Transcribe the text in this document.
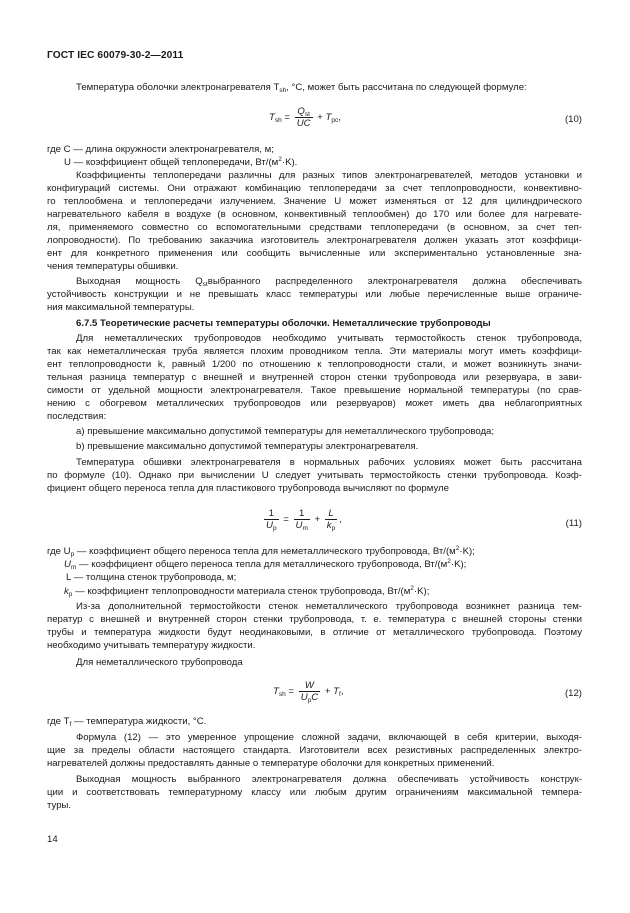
ГОСТ IEC 60079-30-2—2011
Температура оболочки электронагревателя $T_{sh}$, °C, может быть рассчитана по следующей формуле:
$T_{sh} = \frac{Q_{st}}{UC} + T_{pc}$,	(10)
где C — длина окружности электронагревателя, м;
U — коэффициент общей теплопередачи, $Вт/(м^2\cdot K)$.
Коэффициенты теплопередачи различны для разных типов электронагревателей, методов установки и
конфигураций системы. Они отражают комбинацию теплопередачи за счет теплопроводности, конвективно-
го теплообмена и теплопередачи излучением. Значение U может изменяться от 12 для цилиндрического
нагревательного кабеля в воздухе (в основном, конвективный теплообмен) до 170 или более для нагревате-
ля, применяемого совместно со вспомогательными средствами теплопередачи (в основном, за счет теп-
лопроводности). По требованию заказчика изготовитель электронагревателя должен указать этот коэффици-
ент для конкретного применения или сообщить вычисленные или экспериментально установленные зна-
чения температуры обшивки.
Выходная мощность $Q_{st}выбранного$ распределенного электронагревателя должна обеспечивать
устойчивость конструкции и не превышать класс температуры или любые перечисленные выше ограниче-
ния максимальной температуры.
6.7.5 Теоретические расчеты температуры оболочки. Неметаллические трубопроводы
Для неметаллических трубопроводов необходимо учитывать термостойкость стенок трубопровода,
так как неметаллическая труба является плохим проводником тепла. Эти материалы могут иметь коэффици-
ент теплопроводности k, равный 1/200 по отношению к теплопроводности стали, и может возникнуть значи-
тельная разница температур с внешней и внутренней сторон стенки трубопровода или резервуара, в зави-
симости от удельной мощности электронагревателя. Такое превышение нормальной температуры (по срав-
нению с обогревом металлических трубопроводов или резервуаров) может иметь два неблагоприятных
последствия:
a) превышение максимально допустимой температуры для неметаллического трубопровода;
b) превышение максимально допустимой температуры электронагревателя.
Температура обшивки электронагревателя в нормальных рабочих условиях может быть рассчитана
по формуле (10). Однако при вычислении U следует учитывать термостойкость стенки трубопровода. Коэф-
фициент общего переноса тепла для пластикового трубопровода вычисляют по формуле
$\frac{1}{U_p} = \frac{1}{U_m} + \frac{L}{k_p}$ ,	(11)
где $U_p$ — коэффициент общего переноса тепла для неметаллического трубопровода, $Вт/(м^2\cdot K)$;
$U_m$ — коэффициент общего переноса тепла для металлического трубопровода, $Вт/(м^2\cdot K)$;
L — толщина стенок трубопровода, м;
$k_p$ — коэффициент теплопроводности материала стенок трубопровода, $Вт/(м^2\cdot K)$;
Из-за дополнительной термостойкости стенок неметаллического трубопровода возникнет разница тем-
ператур с внешней и внутренней сторон стенки трубопровода, т. е. температура с внешней стороны стенки
трубы и температура жидкости будут неодинаковыми, в отличие от металлического трубопровода. Поэтому
необходимо учитывать температуру жидкости.
Для неметаллического трубопровода
$T_{sh} = \frac{W}{U_pC} + T_f$,	(12)
где $T_f$ — температура жидкости, °C.
Формула (12) — это умеренное упрощение сложной задачи, включающей в себя критерии, выходя-
щие за пределы области настоящего стандарта. Изготовители всех резистивных распределенных электро-
нагревателей должны предоставлять данные о температуре оболочки для конкретных применений.
Выходная мощность выбранного электронагревателя должна обеспечивать устойчивость конструк-
ции и соответствовать температурному классу или любым другим ограничениям максимальной темпера-
туры.
14
